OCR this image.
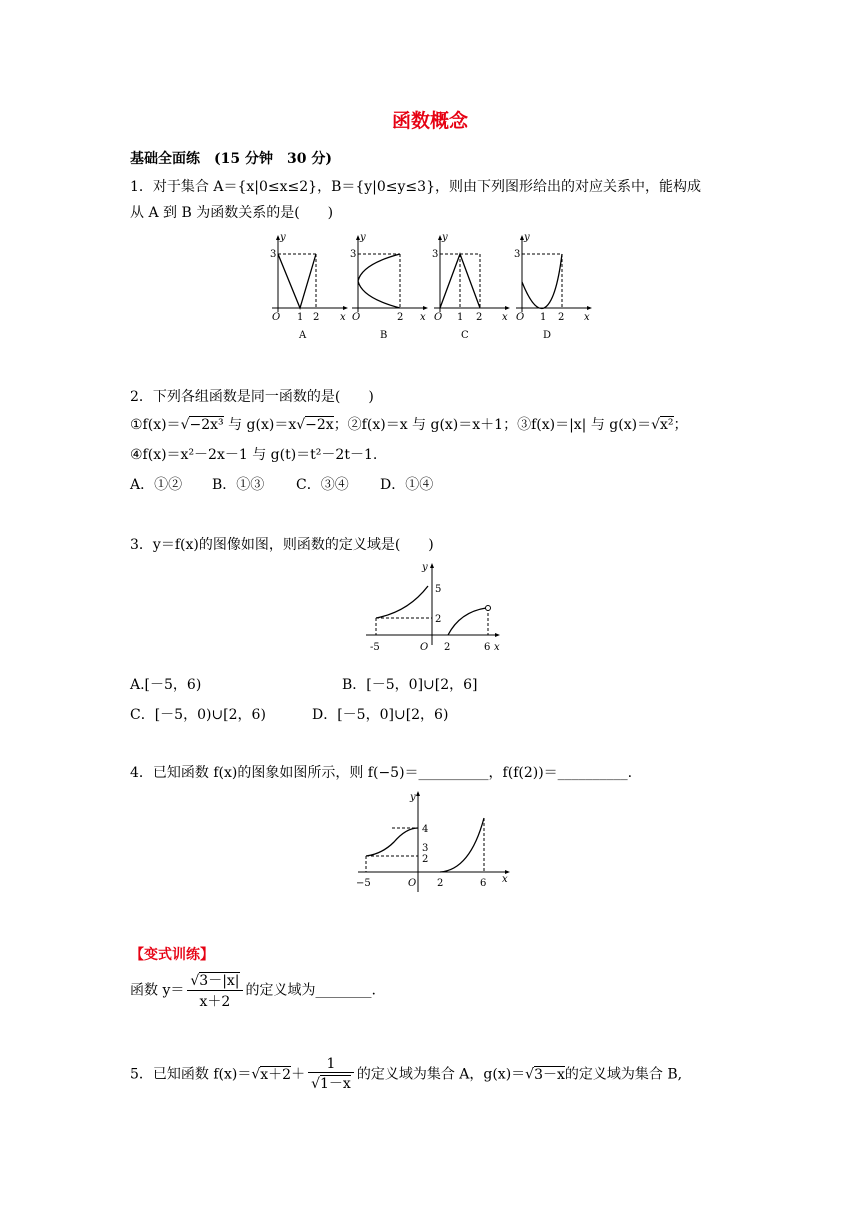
函数概念
基础全面练　(15 分钟　30 分)
1．对于集合 A＝{x|0≤x≤2}，B＝{y|0≤y≤3}，则由下列图形给出的对应关系中，能构成
从 A 到 B 为函数关系的是(　　)
y
3
O 1 2 x
A
y
3
O	2 x
B
y
3
O 1 2 x
C
y
3
O 1 2 x
D
2．下列各组函数是同一函数的是(　　)
①f(x)＝√−2x³ 与 g(x)＝x√−2x；②f(x)＝x 与 g(x)＝x＋1；③f(x)＝|x| 与 g(x)＝√x²；
④f(x)＝x²－2x－1 与 g(t)＝t²－2t－1.
A．①② B．①③ C．③④ D．①④
3．y＝f(x)的图像如图，则函数的定义域是(　　)
y
5
2
-5	O 2	6 x
A.[－5，6)	B．[－5，0]∪[2，6]
C．[－5，0)∪[2，6)	D．[－5，0]∪[2，6)
4．已知函数 f(x)的图象如图所示，则 f(−5)＝__________，f(f(2))＝__________.
y
4
3
2
−5	O 2	6 x
【变式训练】
函数 $y= \frac{√3-|x|}{x+2}$ 的定义域为________.
5．已知函数 $f(x)=√x+2+ \frac{1}{√1-x}$ 的定义域为集合 A，g(x)＝√3－x的定义域为集合 B,
